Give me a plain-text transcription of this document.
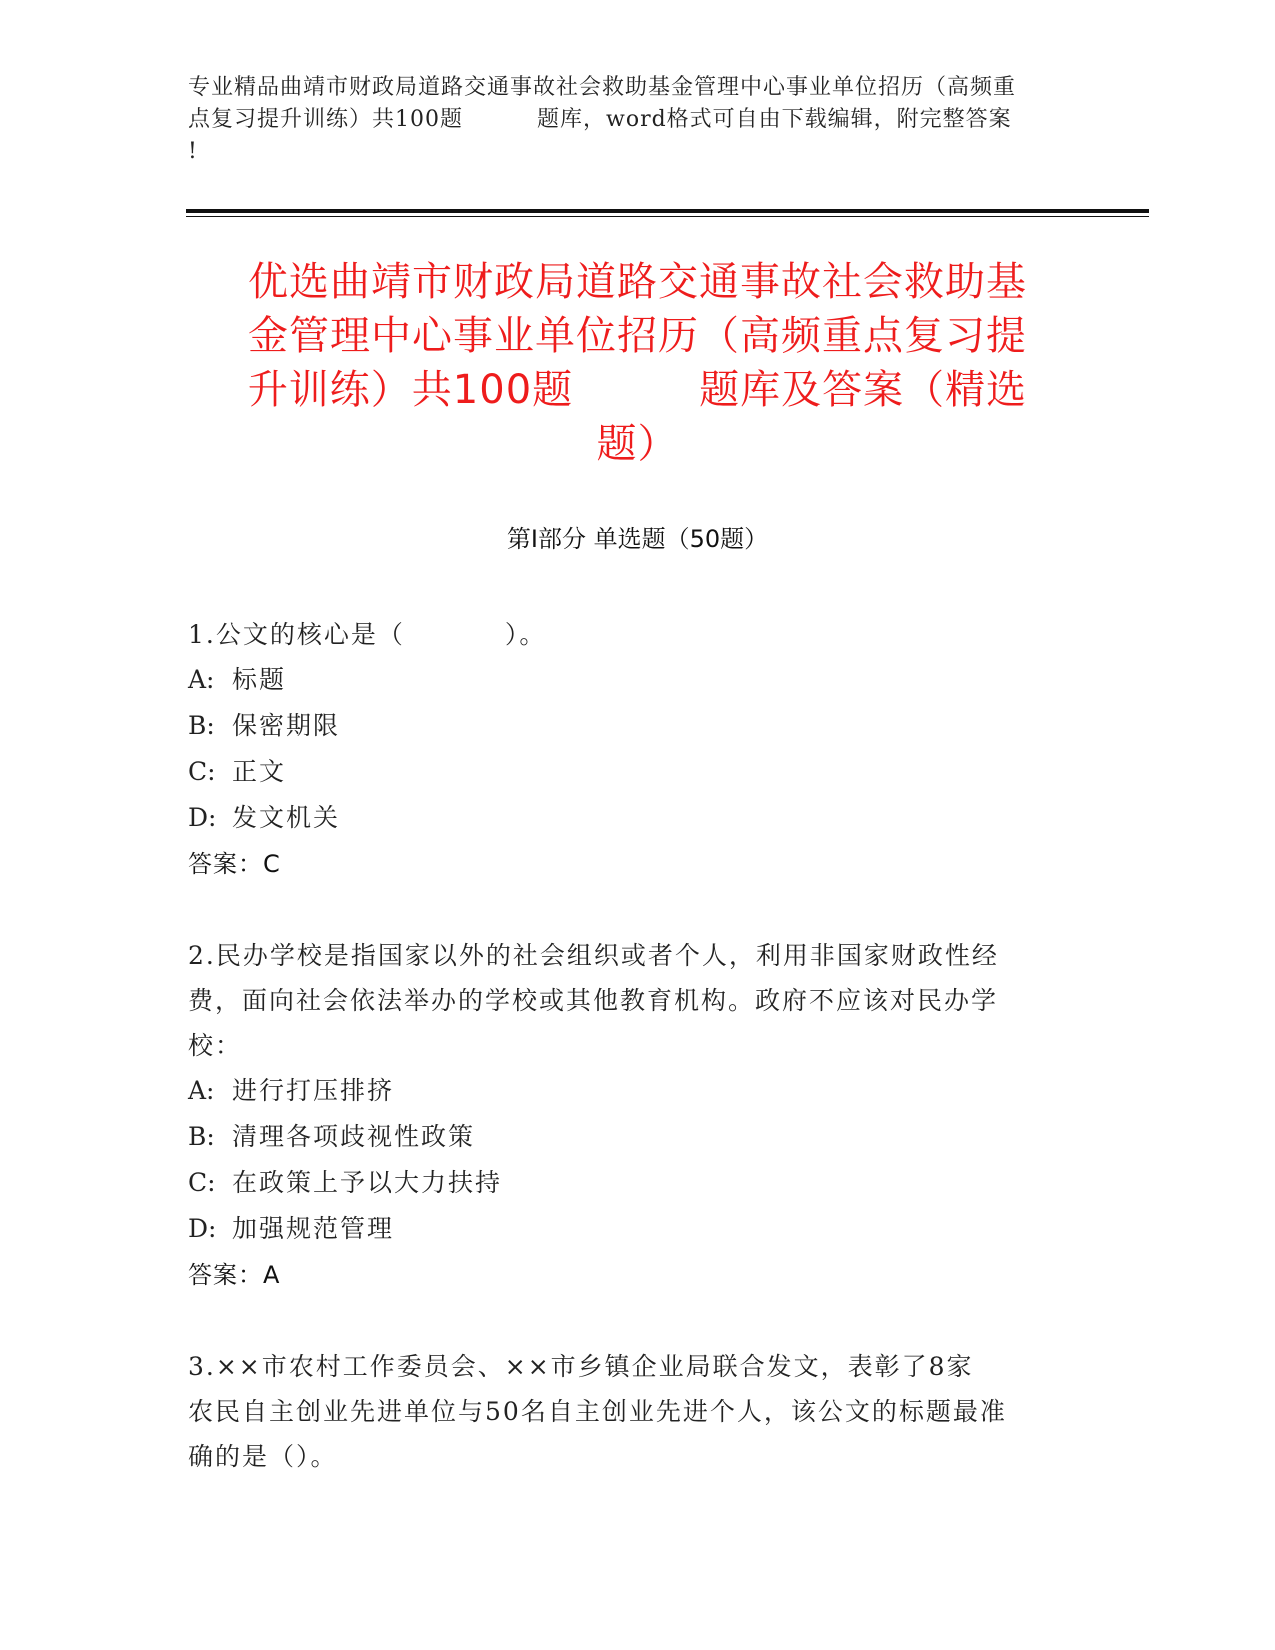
专业精品曲靖市财政局道路交通事故社会救助基金管理中心事业单位招历（高频重
点复习提升训练）共100题	题库，word格式可自由下载编辑，附完整答案
!
优选曲靖市财政局道路交通事故社会救助基
金管理中心事业单位招历（高频重点复习提
升训练）共100题	题库及答案（精选
题）
第Ⅰ部分 单选题（50题）
1.公文的核心是（	）。
A: 标题
B: 保密期限
C: 正文
D: 发文机关
答案：C
2.民办学校是指国家以外的社会组织或者个人，利用非国家财政性经
费，面向社会依法举办的学校或其他教育机构。政府不应该对民办学
校：
A: 进行打压排挤
B: 清理各项歧视性政策
C: 在政策上予以大力扶持
D: 加强规范管理
答案：A
3.××市农村工作委员会、××市乡镇企业局联合发文，表彰了8家
农民自主创业先进单位与50名自主创业先进个人，该公文的标题最准
确的是（）。
